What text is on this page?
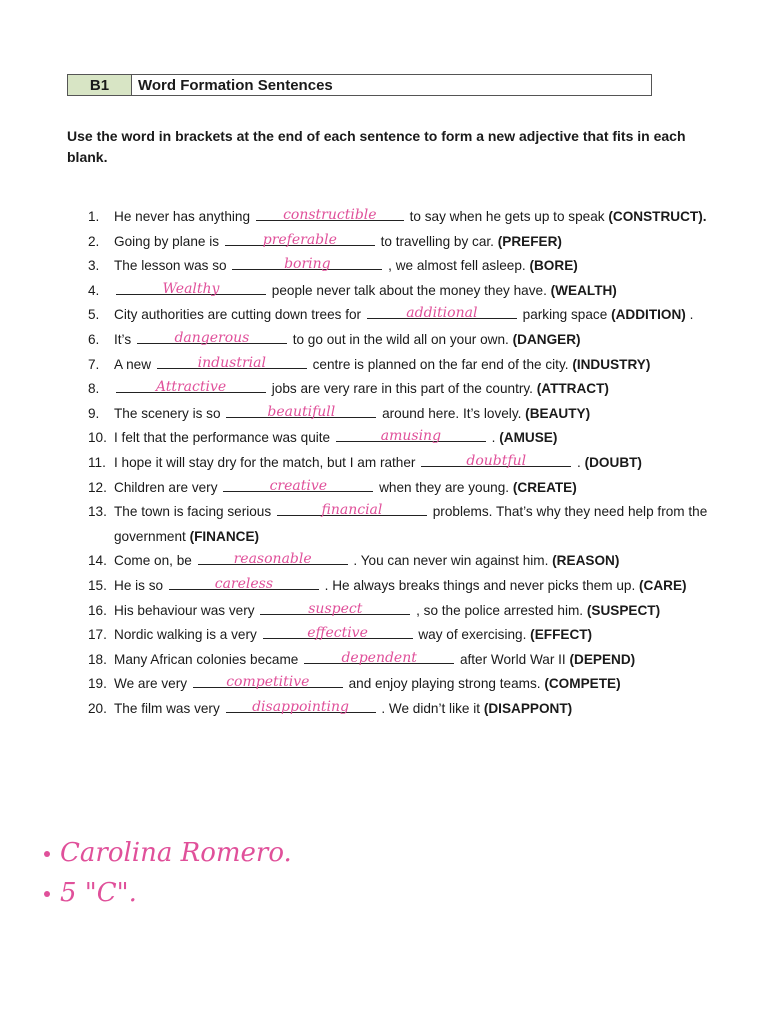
B1	Word Formation Sentences
Use the word in brackets at the end of each sentence to form a new adjective that fits in each blank.
1.	He never has anything	constructible	to say when he gets up to speak (CONSTRUCT).
2.	Going by plane is	preferable	to travelling by car. (PREFER)
3.	The lesson was so	boring	, we almost fell asleep. (BORE)
4.	Wealthy	people never talk about the money they have. (WEALTH)
5.	City authorities are cutting down trees for	additional	parking space (ADDITION) .
6.	It’s	dangerous	to go out in the wild all on your own. (DANGER)
7.	A new	industrial	centre is planned on the far end of the city. (INDUSTRY)
8.	Attractive	jobs are very rare in this part of the country. (ATTRACT)
9.	The scenery is so	beautifull	around here. It’s lovely. (BEAUTY)
10. I felt that the performance was quite	amusing	. (AMUSE)
11. I hope it will stay dry for the match, but I am rather	doubtful	. (DOUBT)
12. Children are very	creative	when they are young. (CREATE)
13. The town is facing serious	financial	problems. That’s why they need help from the government (FINANCE)
14. Come on, be	reasonable	. You can never win against him. (REASON)
15. He is so	careless	. He always breaks things and never picks them up. (CARE)
16. His behaviour was very	suspect	, so the police arrested him. (SUSPECT)
17. Nordic walking is a very	effective	way of exercising. (EFFECT)
18. Many African colonies became	dependent	after World War II (DEPEND)
19. We are very	competitive	and enjoy playing strong teams. (COMPETE)
20. The film was very	disappointing	. We didn’t like it (DISAPPONT)
Carolina Romero.
5 "C".
